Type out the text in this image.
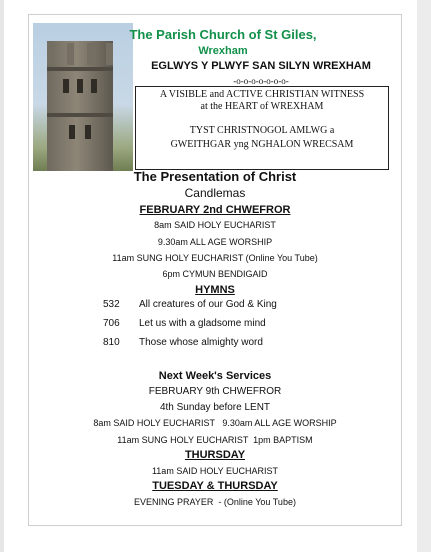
The Parish Church of St Giles,
Wrexham
EGLWYS Y PLWYF SAN SILYN WREXHAM
-o-o-o-o-o-o-o-
A VISIBLE and ACTIVE CHRISTIAN WITNESS
at the HEART of WREXHAM
TYST CHRISTNOGOL AMLWG a
GWEITHGAR yng NGHALON WRECSAM
The Presentation of Christ
Candlemas
FEBRUARY 2nd CHWEFROR
8am SAID HOLY EUCHARIST
9.30am ALL AGE WORSHIP
11am SUNG HOLY EUCHARIST (Online You Tube)
6pm CYMUN BENDIGAID
HYMNS
532 All creatures of our God & King
706 Let us with a gladsome mind
810 Those whose almighty word
Next Week's Services
FEBRUARY 9th CHWEFROR
4th Sunday before LENT
8am SAID HOLY EUCHARIST   9.30am ALL AGE WORSHIP
11am SUNG HOLY EUCHARIST  1pm BAPTISM
THURSDAY
11am SAID HOLY EUCHARIST
TUESDAY & THURSDAY
EVENING PRAYER  - (Online You Tube)
